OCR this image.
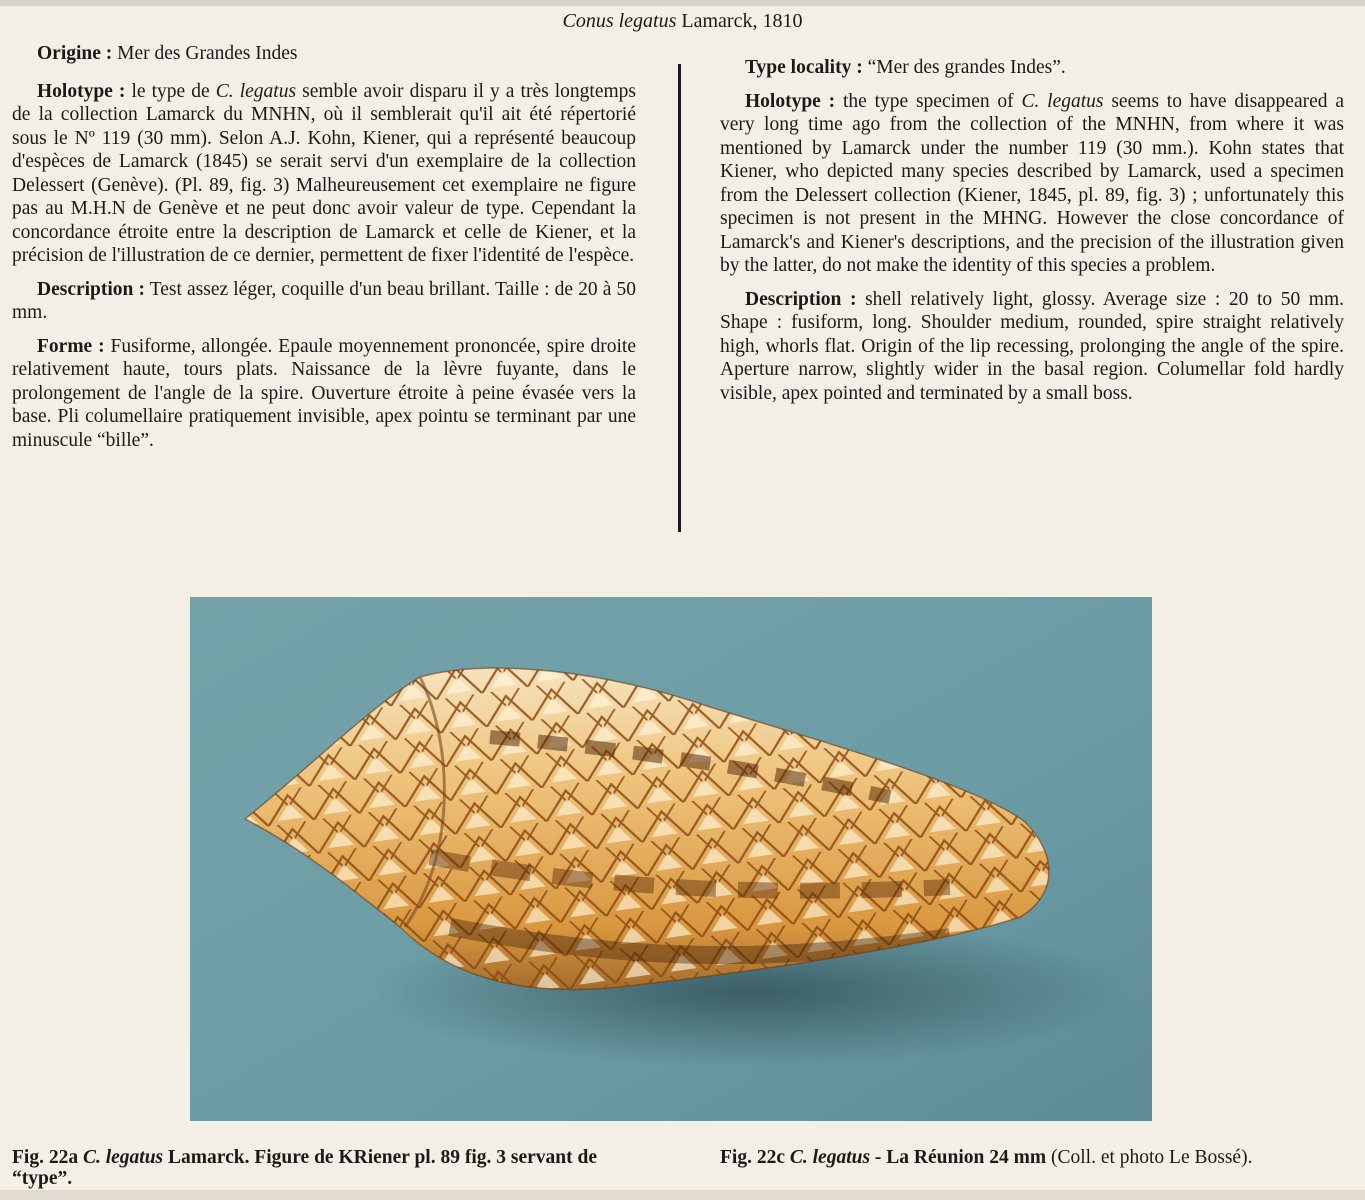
Conus legatus Lamarck, 1810

Origine : Mer des Grandes Indes

Holotype : le type de C. legatus semble avoir disparu il y a très longtemps de la collection Lamarck du MNHN, où il semblerait qu'il ait été répertorié sous le Nº 119 (30 mm). Selon A.J. Kohn, Kiener, qui a représenté beaucoup d'espèces de Lamarck (1845) se serait servi d'un exemplaire de la collection Delessert (Genève). (Pl. 89, fig. 3) Malheureusement cet exemplaire ne figure pas au M.H.N de Genève et ne peut donc avoir valeur de type. Cependant la concordance étroite entre la description de Lamarck et celle de Kiener, et la précision de l'illustration de ce dernier, permettent de fixer l'identité de l'espèce.

Description : Test assez léger, coquille d'un beau brillant. Taille : de 20 à 50 mm.

Forme : Fusiforme, allongée. Epaule moyennement prononcée, spire droite relativement haute, tours plats. Naissance de la lèvre fuyante, dans le prolongement de l'angle de la spire. Ouverture étroite à peine évasée vers la base. Pli columellaire pratiquement invisible, apex pointu se terminant par une minuscule “bille”.

Type locality : “Mer des grandes Indes”.

Holotype : the type specimen of C. legatus seems to have disappeared a very long time ago from the collection of the MNHN, from where it was mentioned by Lamarck under the number 119 (30 mm.). Kohn states that Kiener, who depicted many species described by Lamarck, used a specimen from the Delessert collection (Kiener, 1845, pl. 89, fig. 3) ; unfortunately this specimen is not present in the MHNG. However the close concordance of Lamarck's and Kiener's descriptions, and the precision of the illustration given by the latter, do not make the identity of this species a problem.

Description : shell relatively light, glossy. Average size : 20 to 50 mm. Shape : fusiform, long. Shoulder medium, rounded, spire straight relatively high, whorls flat. Origin of the lip recessing, prolonging the angle of the spire. Aperture narrow, slightly wider in the basal region. Columellar fold hardly visible, apex pointed and terminated by a small boss.

Fig. 22a C. legatus Lamarck. Figure de KRiener pl. 89 fig. 3 servant de “type”.
Fig. 22c C. legatus - La Réunion 24 mm (Coll. et photo Le Bossé).
